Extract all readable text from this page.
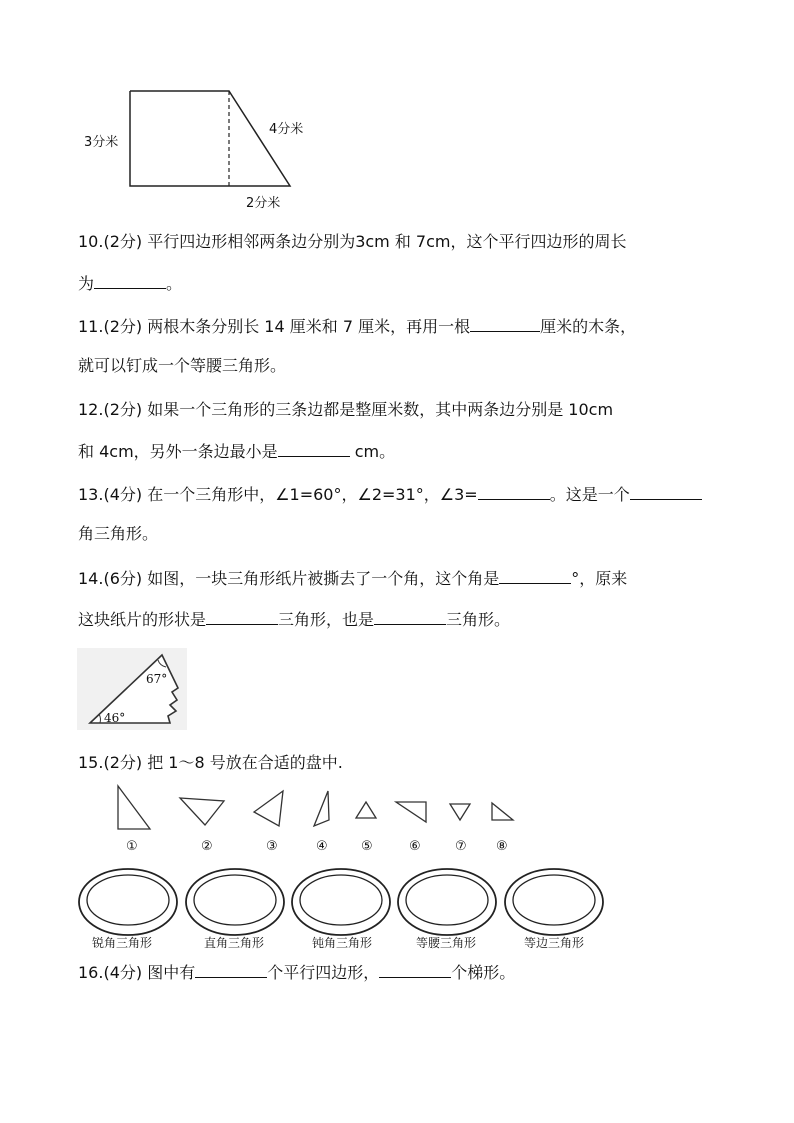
3分米
4分米
2分米
10.(2分) 平行四边形相邻两条边分别为3cm 和 7cm，这个平行四边形的周长
为	。
11.(2分) 两根木条分别长 14 厘米和 7 厘米，再用一根	厘米的木条，
就可以钉成一个等腰三角形。
12.(2分) 如果一个三角形的三条边都是整厘米数，其中两条边分别是 10cm
和 4cm，另外一条边最小是	cm。
13.(4分) 在一个三角形中，∠1=60°，∠2=31°，∠3=	。这是一个
角三角形。
14.(6分) 如图，一块三角形纸片被撕去了一个角，这个角是	°，原来
这块纸片的形状是	三角形，也是	三角形。
67°
46°
15.(2分) 把 1～8 号放在合适的盘中.
①	②	③	④	⑤	⑥	⑦ ⑧
锐角三角形	直角三角形	钝角三角形	等腰三角形	等边三角形
16.(4分) 图中有	个平行四边形，	个梯形。
